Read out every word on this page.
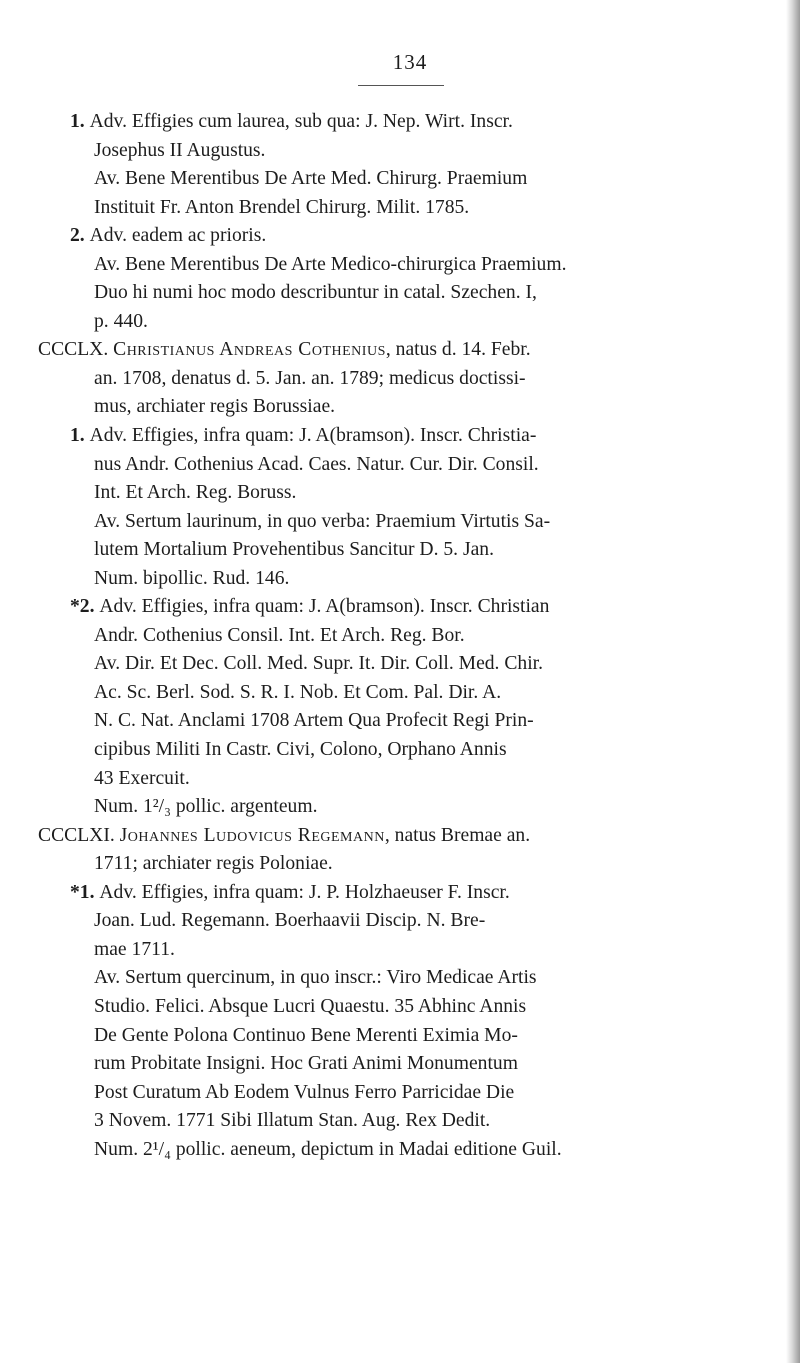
134
1. Adv. Effigies cum laurea, sub qua: J. Nep. Wirt. Inscr.
Josephus II Augustus.
Av. Bene Merentibus De Arte Med. Chirurg. Praemium
Instituit Fr. Anton Brendel Chirurg. Milit. 1785.
2. Adv. eadem ac prioris.
Av. Bene Merentibus De Arte Medico-chirurgica Praemium.
Duo hi numi hoc modo describuntur in catal. Szechen. I,
p. 440.
CCCLX. Christianus Andreas Cothenius, natus d. 14. Febr.
an. 1708, denatus d. 5. Jan. an. 1789; medicus doctissi-
mus, archiater regis Borussiae.
1. Adv. Effigies, infra quam: J. A(bramson). Inscr. Christia-
nus Andr. Cothenius Acad. Caes. Natur. Cur. Dir. Consil.
Int. Et Arch. Reg. Boruss.
Av. Sertum laurinum, in quo verba: Praemium Virtutis Sa-
lutem Mortalium Provehentibus Sancitur D. 5. Jan.
Num. bipollic. Rud. 146.
*2. Adv. Effigies, infra quam: J. A(bramson). Inscr. Christian
Andr. Cothenius Consil. Int. Et Arch. Reg. Bor.
Av. Dir. Et Dec. Coll. Med. Supr. It. Dir. Coll. Med. Chir.
Ac. Sc. Berl. Sod. S. R. I. Nob. Et Com. Pal. Dir. A.
N. C. Nat. Anclami 1708 Artem Qua Profecit Regi Prin-
cipibus Militi In Castr. Civi, Colono, Orphano Annis
43 Exercuit.
Num. 1²/₃ pollic. argenteum.
CCCLXI. Johannes Ludovicus Regemann, natus Bremae an.
1711; archiater regis Poloniae.
*1. Adv. Effigies, infra quam: J. P. Holzhaeuser F. Inscr.
Joan. Lud. Regemann. Boerhaavii Discip. N. Bre-
mae 1711.
Av. Sertum quercinum, in quo inscr.: Viro Medicae Artis
Studio. Felici. Absque Lucri Quaestu. 35 Abhinc Annis
De Gente Polona Continuo Bene Merenti Eximia Mo-
rum Probitate Insigni. Hoc Grati Animi Monumentum
Post Curatum Ab Eodem Vulnus Ferro Parricidae Die
3 Novem. 1771 Sibi Illatum Stan. Aug. Rex Dedit.
Num. 2¹/₄ pollic. aeneum, depictum in Madai editione Guil.
